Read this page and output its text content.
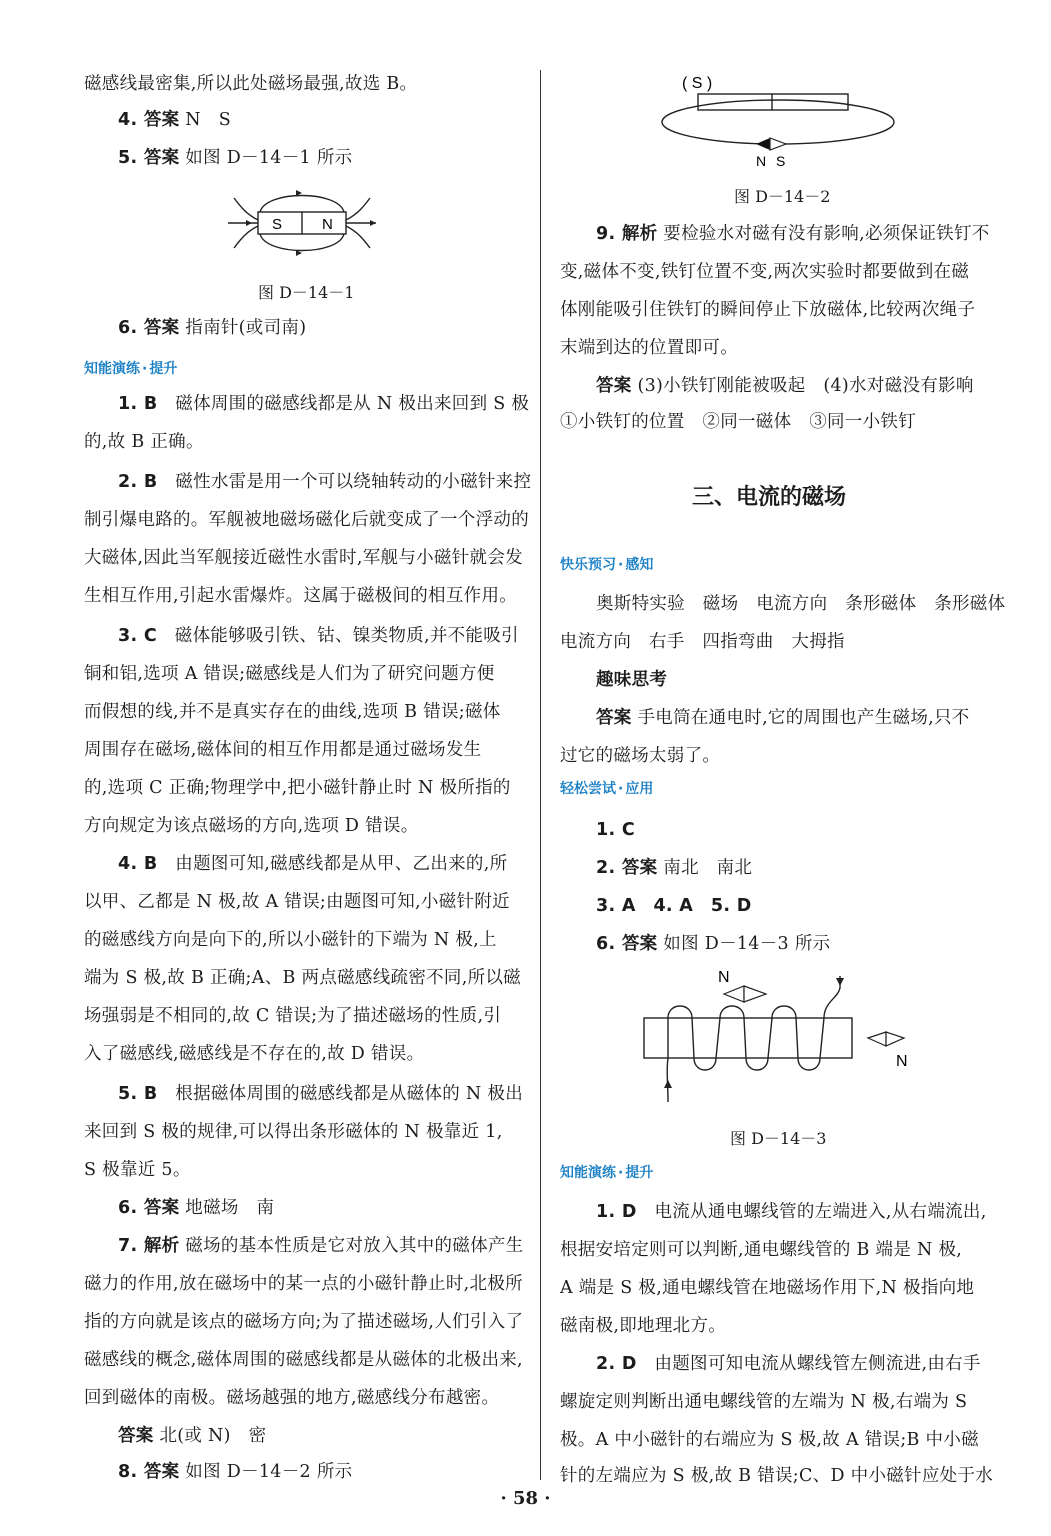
磁感线最密集,所以此处磁场最强,故选 B。
4. 答案 N　S
5. 答案 如图 D－14－1 所示
6. 答案 指南针(或司南)
1. B　磁体周围的磁感线都是从 N 极出来回到 S 极
的,故 B 正确。
2. B　磁性水雷是用一个可以绕轴转动的小磁针来控
制引爆电路的。军舰被地磁场磁化后就变成了一个浮动的
大磁体,因此当军舰接近磁性水雷时,军舰与小磁针就会发
生相互作用,引起水雷爆炸。这属于磁极间的相互作用。
3. C　磁体能够吸引铁、钴、镍类物质,并不能吸引
铜和铝,选项 A 错误;磁感线是人们为了研究问题方便
而假想的线,并不是真实存在的曲线,选项 B 错误;磁体
周围存在磁场,磁体间的相互作用都是通过磁场发生
的,选项 C 正确;物理学中,把小磁针静止时 N 极所指的
方向规定为该点磁场的方向,选项 D 错误。
4. B　由题图可知,磁感线都是从甲、乙出来的,所
以甲、乙都是 N 极,故 A 错误;由题图可知,小磁针附近
的磁感线方向是向下的,所以小磁针的下端为 N 极,上
端为 S 极,故 B 正确;A、B 两点磁感线疏密不同,所以磁
场强弱是不相同的,故 C 错误;为了描述磁场的性质,引
入了磁感线,磁感线是不存在的,故 D 错误。
5. B　根据磁体周围的磁感线都是从磁体的 N 极出
来回到 S 极的规律,可以得出条形磁体的 N 极靠近 1,
S 极靠近 5。
6. 答案 地磁场　南
7. 解析 磁场的基本性质是它对放入其中的磁体产生
磁力的作用,放在磁场中的某一点的小磁针静止时,北极所
指的方向就是该点的磁场方向;为了描述磁场,人们引入了
磁感线的概念,磁体周围的磁感线都是从磁体的北极出来,
回到磁体的南极。磁场越强的地方,磁感线分布越密。
答案 北(或 N)　密
8. 答案 如图 D－14－2 所示
S	N
图 D－14－1
知能演练 · 提升
( S )
N S
图 D－14－2
三、电流的磁场
快乐预习 · 感知
轻松尝试 · 应用
N
N
图 D－14－3
知能演练 · 提升
9. 解析 要检验水对磁有没有影响,必须保证铁钉不
变,磁体不变,铁钉位置不变,两次实验时都要做到在磁
体刚能吸引住铁钉的瞬间停止下放磁体,比较两次绳子
末端到达的位置即可。
答案 (3)小铁钉刚能被吸起　(4)水对磁没有影响
①小铁钉的位置　②同一磁体　③同一小铁钉
奥斯特实验　磁场　电流方向　条形磁体　条形磁体
电流方向　右手　四指弯曲　大拇指
趣味思考
答案 手电筒在通电时,它的周围也产生磁场,只不
过它的磁场太弱了。
1. C
2. 答案 南北　南北
3. A　4. A　5. D
6. 答案 如图 D－14－3 所示
1. D　电流从通电螺线管的左端进入,从右端流出,
根据安培定则可以判断,通电螺线管的 B 端是 N 极,
A 端是 S 极,通电螺线管在地磁场作用下,N 极指向地
磁南极,即地理北方。
2. D　由题图可知电流从螺线管左侧流进,由右手
螺旋定则判断出通电螺线管的左端为 N 极,右端为 S
极。A 中小磁针的右端应为 S 极,故 A 错误;B 中小磁
针的左端应为 S 极,故 B 错误;C、D 中小磁针应处于水
· 58 ·
